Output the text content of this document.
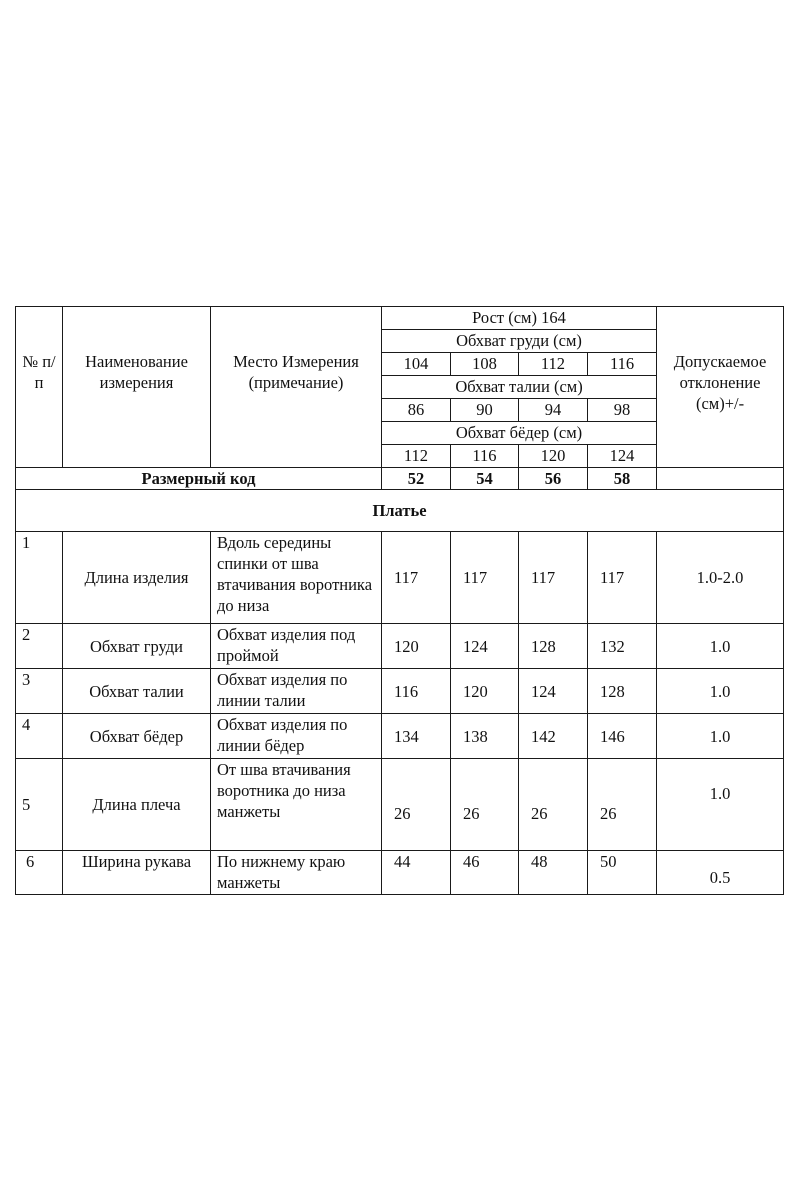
№ п/п	Наименование измерения	Место Измерения (примечание)	Рост (см) 164				Допускаемое отклонение (см)+/-
			Обхват груди (см)				
			104	108	112	116	
			Обхват талии (см)				
			86	90	94	98	
			Обхват бёдер (см)				
			112	116	120	124	
Размерный код			52	54	56	58	
Платье							
1	Длина изделия	Вдоль середины спинки от шва втачивания воротника до низа	117	117	117	117	1.0-2.0
2	Обхват груди	Обхват изделия под проймой	120	124	128	132	1.0
3	Обхват талии	Обхват изделия по линии талии	116	120	124	128	1.0
4	Обхват бёдер	Обхват изделия по линии бёдер	134	138	142	146	1.0
5	Длина плеча	От шва втачивания воротника до низа манжеты	26	26	26	26	1.0
6	Ширина рукава	По нижнему краю манжеты	44	46	48	50	0.5
